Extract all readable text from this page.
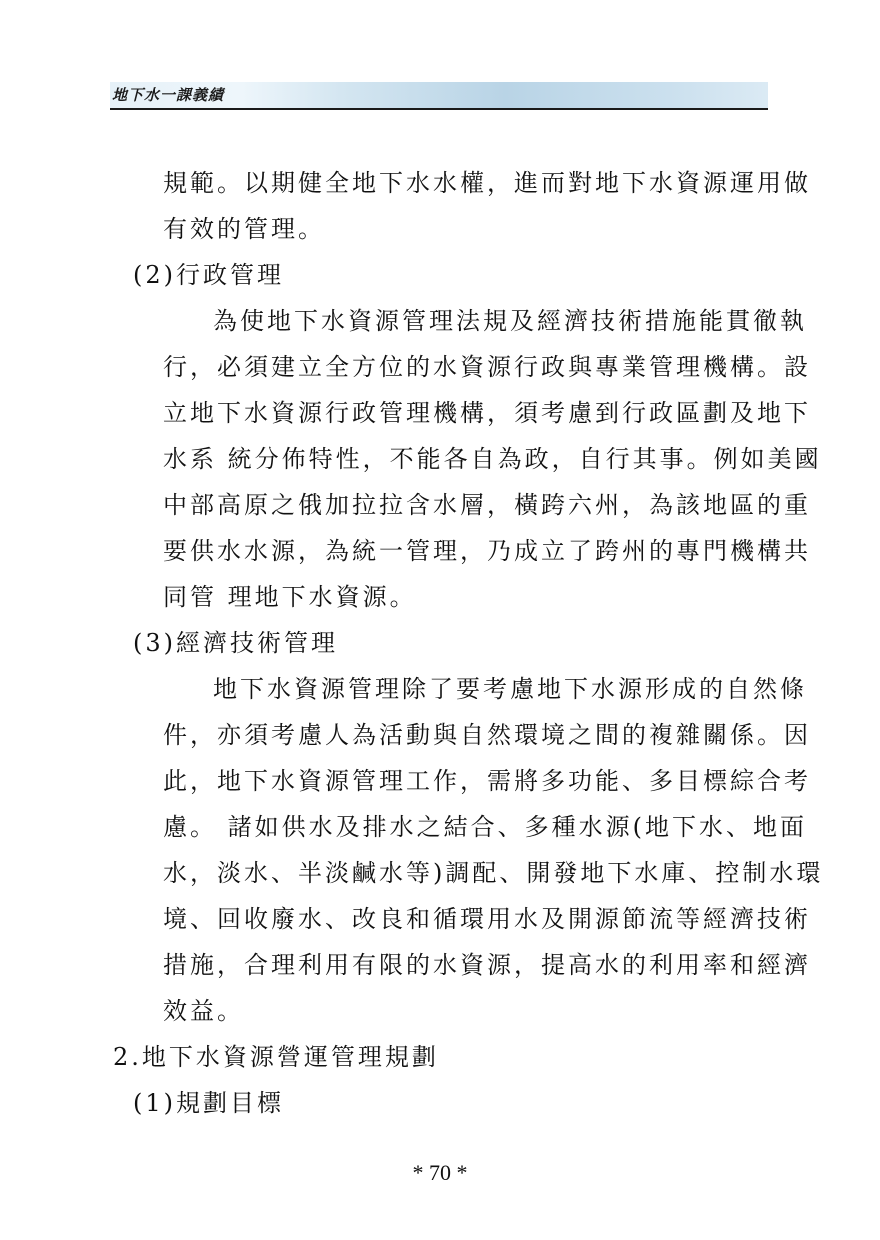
地下水一課義績

規範。以期健全地下水水權，進而對地下水資源運用做

有效的管理。

(2)行政管理

為使地下水資源管理法規及經濟技術措施能貫徹執

行，必須建立全方位的水資源行政與專業管理機構。設

立地下水資源行政管理機構，須考慮到行政區劃及地下

水系 統分佈特性，不能各自為政，自行其事。例如美國

中部高原之俄加拉拉含水層，橫跨六州，為該地區的重

要供水水源，為統一管理，乃成立了跨州的專門機構共

同管 理地下水資源。

(3)經濟技術管理

地下水資源管理除了要考慮地下水源形成的自然條

件，亦須考慮人為活動與自然環境之間的複雜關係。因

此，地下水資源管理工作，需將多功能、多目標綜合考

慮。 諸如供水及排水之結合、多種水源(地下水、地面

水，淡水、半淡鹹水等)調配、開發地下水庫、控制水環

境、回收廢水、改良和循環用水及開源節流等經濟技術

措施，合理利用有限的水資源，提高水的利用率和經濟

效益。

2.地下水資源營運管理規劃

(1)規劃目標

* 70 *
